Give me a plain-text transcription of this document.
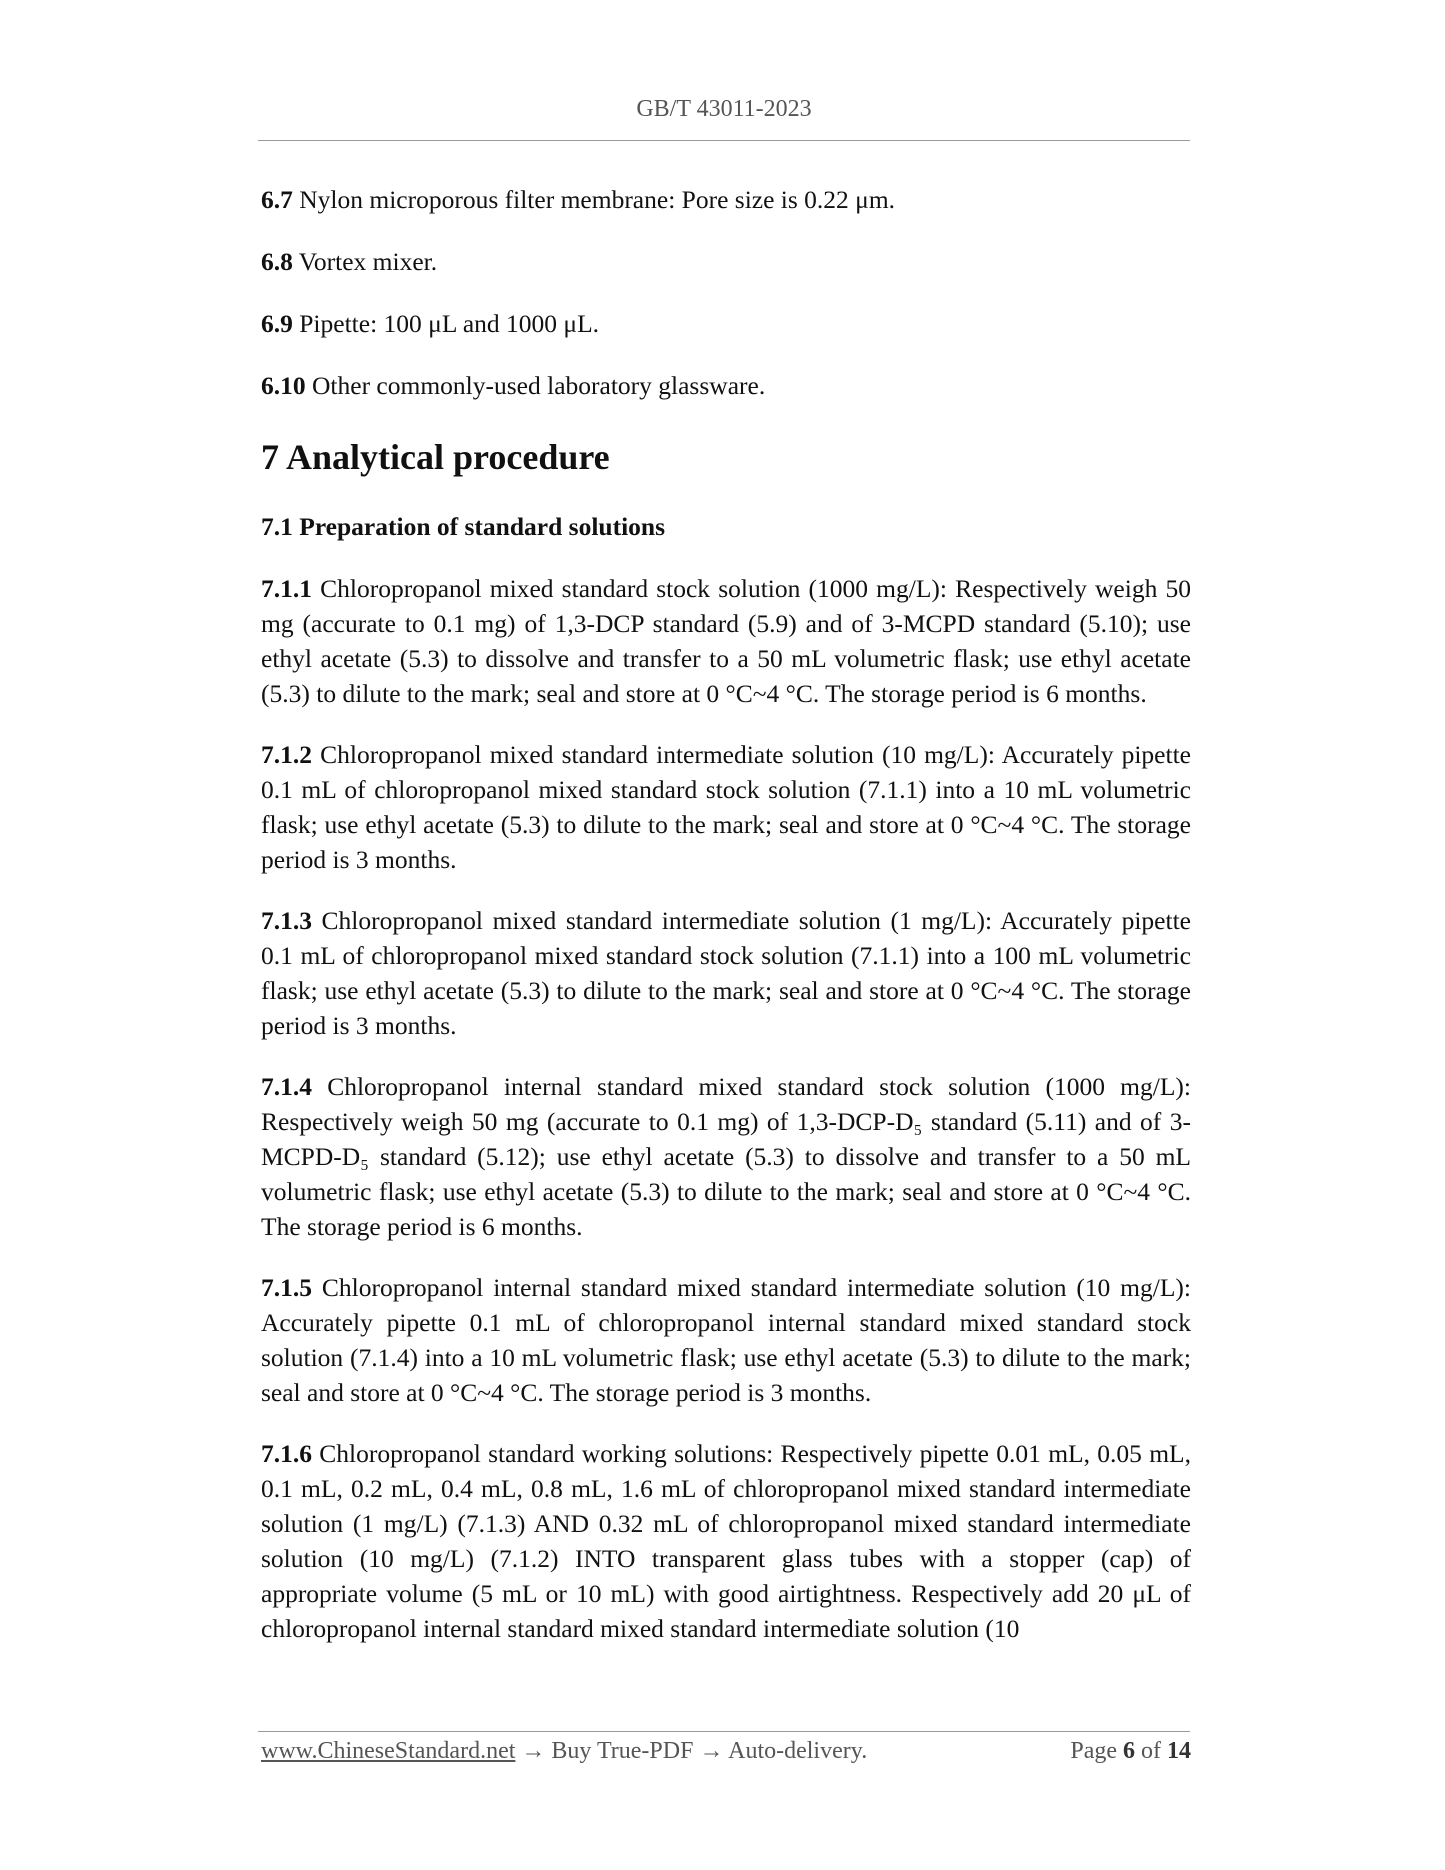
GB/T 43011-2023

6.7 Nylon microporous filter membrane: Pore size is 0.22 μm.

6.8 Vortex mixer.

6.9 Pipette: 100 μL and 1000 μL.

6.10 Other commonly-used laboratory glassware.

7 Analytical procedure
7.1 Preparation of standard solutions

7.1.1 Chloropropanol mixed standard stock solution (1000 mg/L): Respectively weigh 50 mg (accurate to 0.1 mg) of 1,3-DCP standard (5.9) and of 3-MCPD standard (5.10); use ethyl acetate (5.3) to dissolve and transfer to a 50 mL volumetric flask; use ethyl acetate (5.3) to dilute to the mark; seal and store at 0 °C~4 °C. The storage period is 6 months.

7.1.2 Chloropropanol mixed standard intermediate solution (10 mg/L): Accurately pipette 0.1 mL of chloropropanol mixed standard stock solution (7.1.1) into a 10 mL volumetric flask; use ethyl acetate (5.3) to dilute to the mark; seal and store at 0 °C~4 °C. The storage period is 3 months.

7.1.3 Chloropropanol mixed standard intermediate solution (1 mg/L): Accurately pipette 0.1 mL of chloropropanol mixed standard stock solution (7.1.1) into a 100 mL volumetric flask; use ethyl acetate (5.3) to dilute to the mark; seal and store at 0 °C~4 °C. The storage period is 3 months.

7.1.4 Chloropropanol internal standard mixed standard stock solution (1000 mg/L): Respectively weigh 50 mg (accurate to 0.1 mg) of 1,3-DCP-D₅ standard (5.11) and of 3-MCPD-D₅ standard (5.12); use ethyl acetate (5.3) to dissolve and transfer to a 50 mL volumetric flask; use ethyl acetate (5.3) to dilute to the mark; seal and store at 0 °C~4 °C. The storage period is 6 months.

7.1.5 Chloropropanol internal standard mixed standard intermediate solution (10 mg/L): Accurately pipette 0.1 mL of chloropropanol internal standard mixed standard stock solution (7.1.4) into a 10 mL volumetric flask; use ethyl acetate (5.3) to dilute to the mark; seal and store at 0 °C~4 °C. The storage period is 3 months.

7.1.6 Chloropropanol standard working solutions: Respectively pipette 0.01 mL, 0.05 mL, 0.1 mL, 0.2 mL, 0.4 mL, 0.8 mL, 1.6 mL of chloropropanol mixed standard intermediate solution (1 mg/L) (7.1.3) AND 0.32 mL of chloropropanol mixed standard intermediate solution (10 mg/L) (7.1.2) INTO transparent glass tubes with a stopper (cap) of appropriate volume (5 mL or 10 mL) with good airtightness. Respectively add 20 μL of chloropropanol internal standard mixed standard intermediate solution (10

www.ChineseStandard.net → Buy True-PDF → Auto-delivery.	Page 6 of 14
